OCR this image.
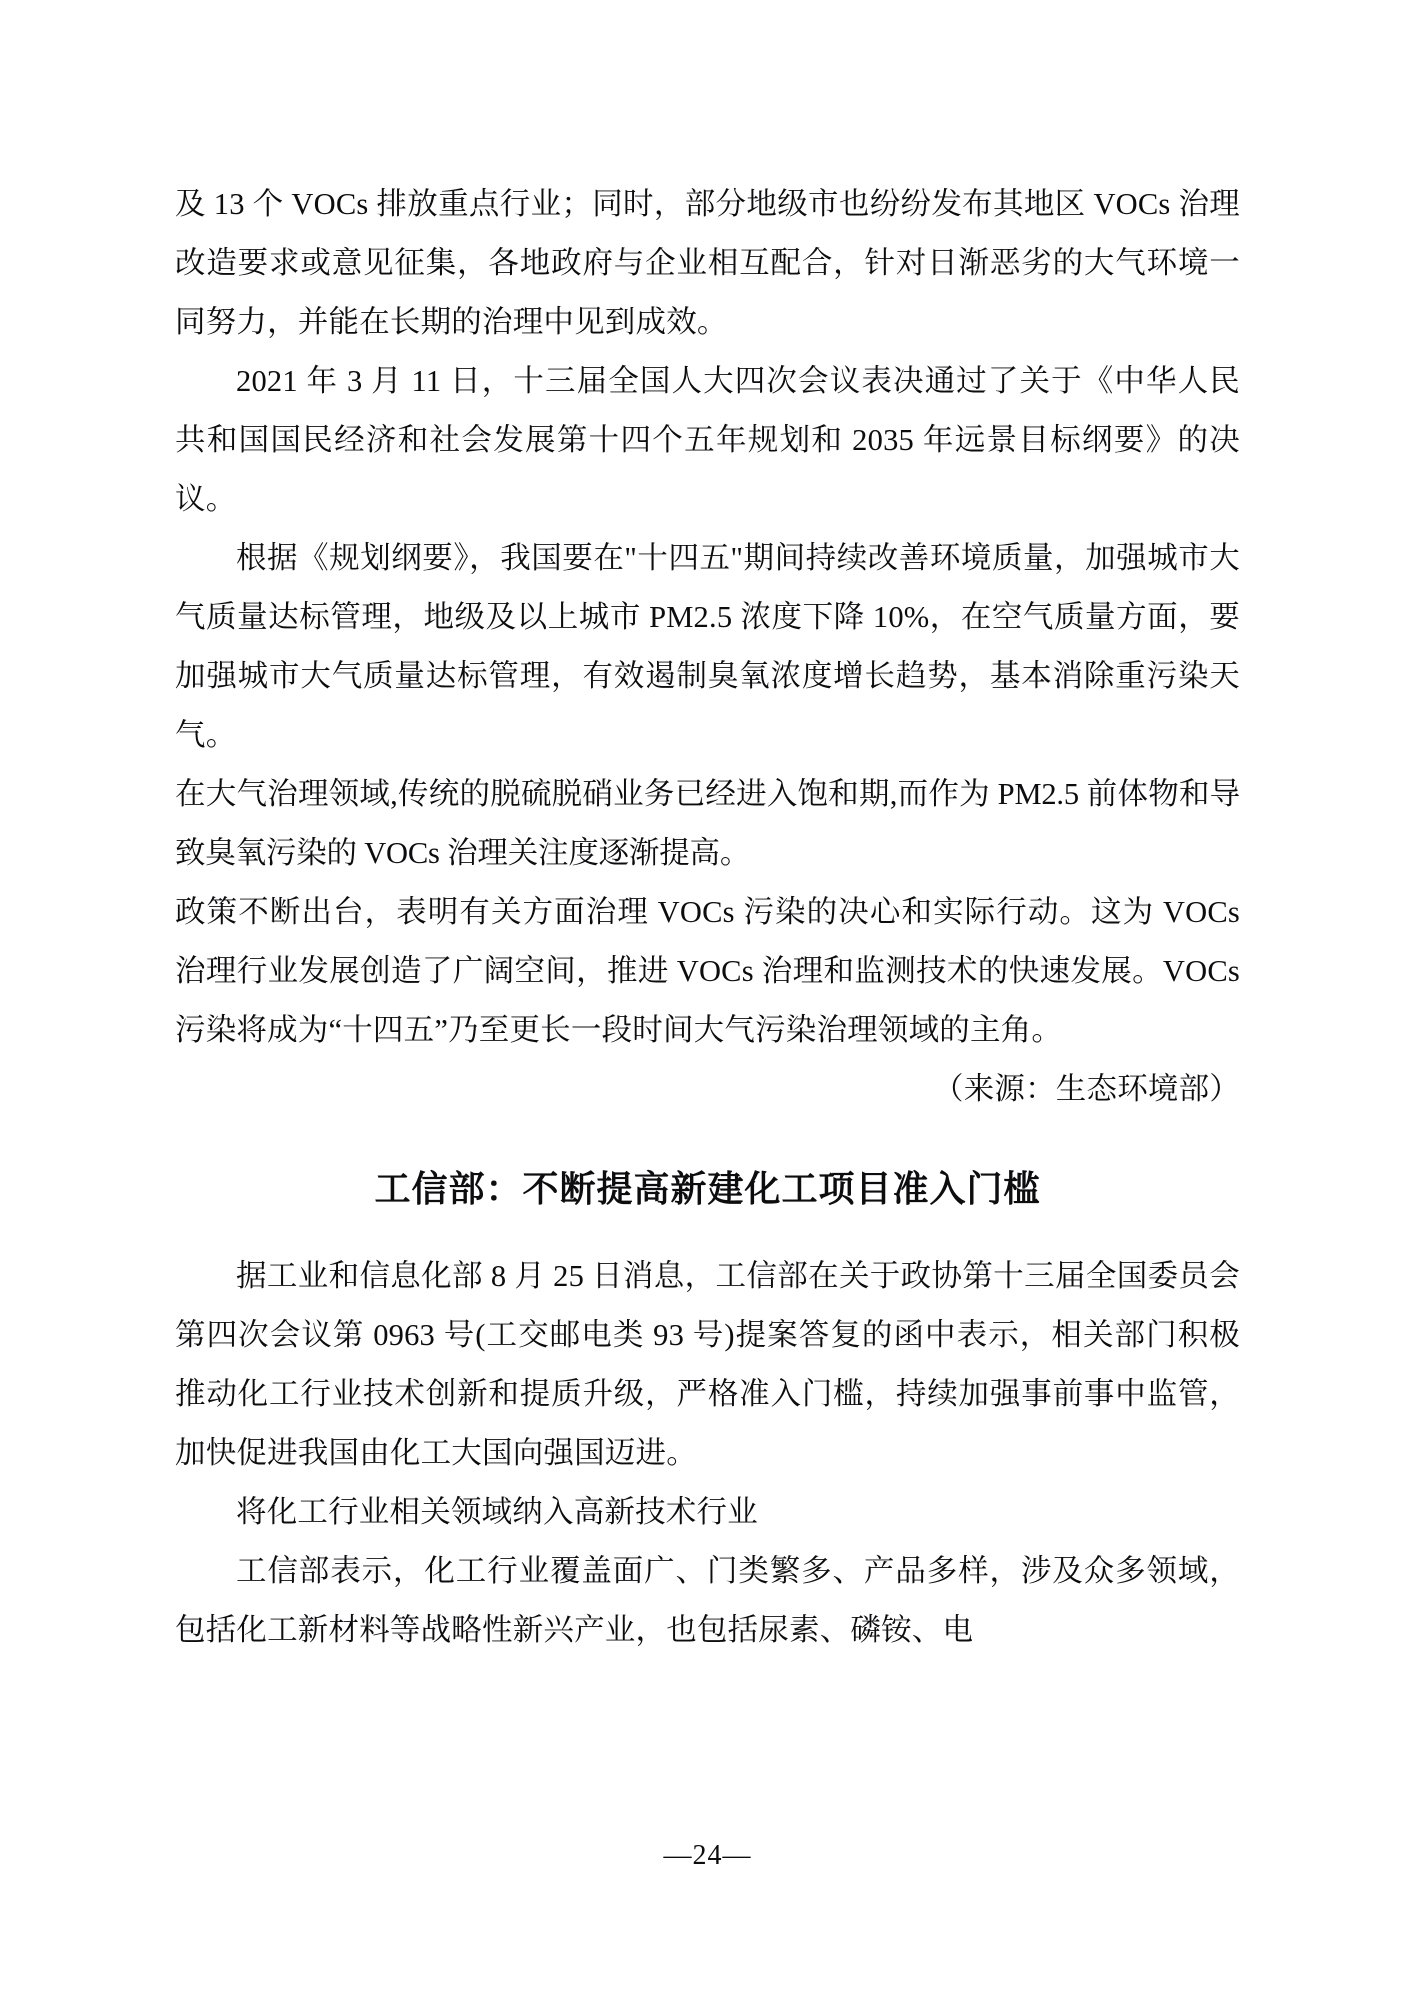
及 13 个 VOCs 排放重点行业；同时，部分地级市也纷纷发布其地区 VOCs 治理改造要求或意见征集，各地政府与企业相互配合，针对日渐恶劣的大气环境一同努力，并能在长期的治理中见到成效。

2021 年 3 月 11 日，十三届全国人大四次会议表决通过了关于《中华人民共和国国民经济和社会发展第十四个五年规划和 2035 年远景目标纲要》的决议。

根据《规划纲要》，我国要在"十四五"期间持续改善环境质量，加强城市大气质量达标管理，地级及以上城市 PM2.5 浓度下降 10%，在空气质量方面，要加强城市大气质量达标管理，有效遏制臭氧浓度增长趋势，基本消除重污染天气。

在大气治理领域,传统的脱硫脱硝业务已经进入饱和期,而作为 PM2.5 前体物和导致臭氧污染的 VOCs 治理关注度逐渐提高。

政策不断出台，表明有关方面治理 VOCs 污染的决心和实际行动。这为 VOCs 治理行业发展创造了广阔空间，推进 VOCs 治理和监测技术的快速发展。VOCs 污染将成为“十四五”乃至更长一段时间大气污染治理领域的主角。

（来源：生态环境部）

工信部：不断提高新建化工项目准入门槛

据工业和信息化部 8 月 25 日消息，工信部在关于政协第十三届全国委员会第四次会议第 0963 号(工交邮电类 93 号)提案答复的函中表示，相关部门积极推动化工行业技术创新和提质升级，严格准入门槛，持续加强事前事中监管，加快促进我国由化工大国向强国迈进。

将化工行业相关领域纳入高新技术行业

工信部表示，化工行业覆盖面广、门类繁多、产品多样，涉及众多领域，包括化工新材料等战略性新兴产业，也包括尿素、磷铵、电

—24—
